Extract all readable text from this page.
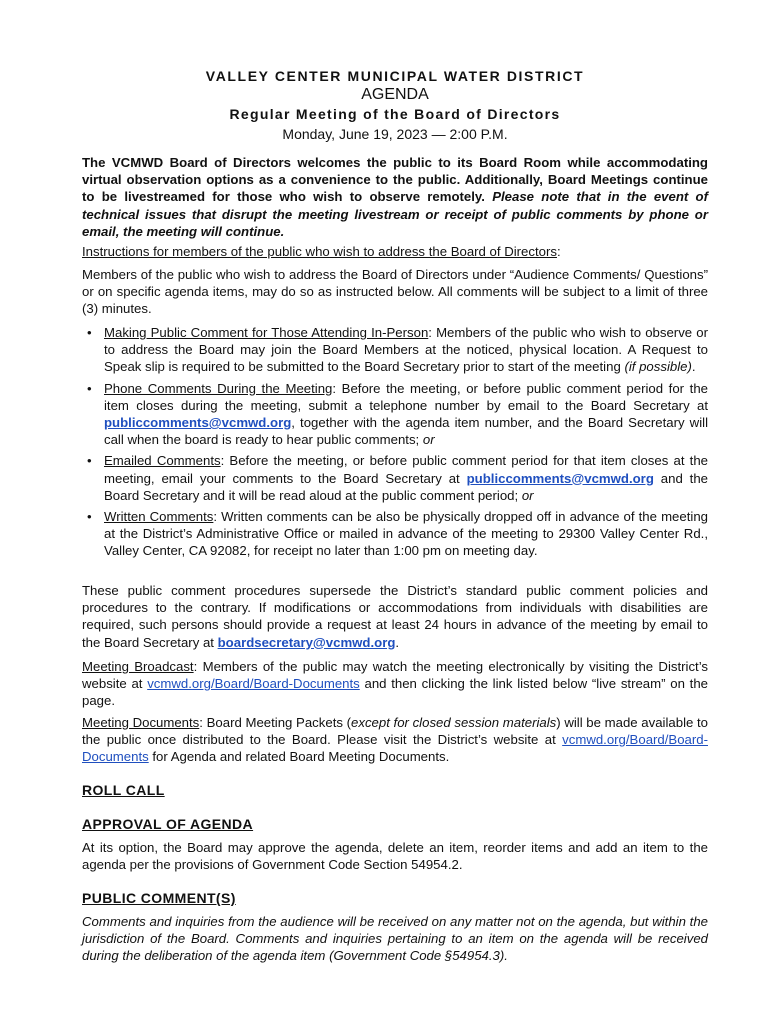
VALLEY CENTER MUNICIPAL WATER DISTRICT
AGENDA
Regular Meeting of the Board of Directors
Monday, June 19, 2023 — 2:00 P.M.

The VCMWD Board of Directors welcomes the public to its Board Room while accommodating virtual observation options as a convenience to the public. Additionally, Board Meetings continue to be livestreamed for those who wish to observe remotely. Please note that in the event of technical issues that disrupt the meeting livestream or receipt of public comments by phone or email, the meeting will continue.

Instructions for members of the public who wish to address the Board of Directors:

Members of the public who wish to address the Board of Directors under “Audience Comments/ Questions” or on specific agenda items, may do so as instructed below. All comments will be subject to a limit of three (3) minutes.

• Making Public Comment for Those Attending In-Person: Members of the public who wish to observe or to address the Board may join the Board Members at the noticed, physical location. A Request to Speak slip is required to be submitted to the Board Secretary prior to start of the meeting (if possible).
• Phone Comments During the Meeting: Before the meeting, or before public comment period for the item closes during the meeting, submit a telephone number by email to the Board Secretary at publiccomments@vcmwd.org, together with the agenda item number, and the Board Secretary will call when the board is ready to hear public comments; or
• Emailed Comments: Before the meeting, or before public comment period for that item closes at the meeting, email your comments to the Board Secretary at publiccomments@vcmwd.org and the Board Secretary and it will be read aloud at the public comment period; or
• Written Comments: Written comments can be also be physically dropped off in advance of the meeting at the District’s Administrative Office or mailed in advance of the meeting to 29300 Valley Center Rd., Valley Center, CA 92082, for receipt no later than 1:00 pm on meeting day.

These public comment procedures supersede the District’s standard public comment policies and procedures to the contrary. If modifications or accommodations from individuals with disabilities are required, such persons should provide a request at least 24 hours in advance of the meeting by email to the Board Secretary at boardsecretary@vcmwd.org.

Meeting Broadcast: Members of the public may watch the meeting electronically by visiting the District’s website at vcmwd.org/Board/Board-Documents and then clicking the link listed below “live stream” on the page.

Meeting Documents: Board Meeting Packets (except for closed session materials) will be made available to the public once distributed to the Board. Please visit the District’s website at vcmwd.org/Board/Board-Documents for Agenda and related Board Meeting Documents.

ROLL CALL
APPROVAL OF AGENDA

At its option, the Board may approve the agenda, delete an item, reorder items and add an item to the agenda per the provisions of Government Code Section 54954.2.

PUBLIC COMMENT(S)

Comments and inquiries from the audience will be received on any matter not on the agenda, but within the jurisdiction of the Board. Comments and inquiries pertaining to an item on the agenda will be received during the deliberation of the agenda item (Government Code §54954.3).
